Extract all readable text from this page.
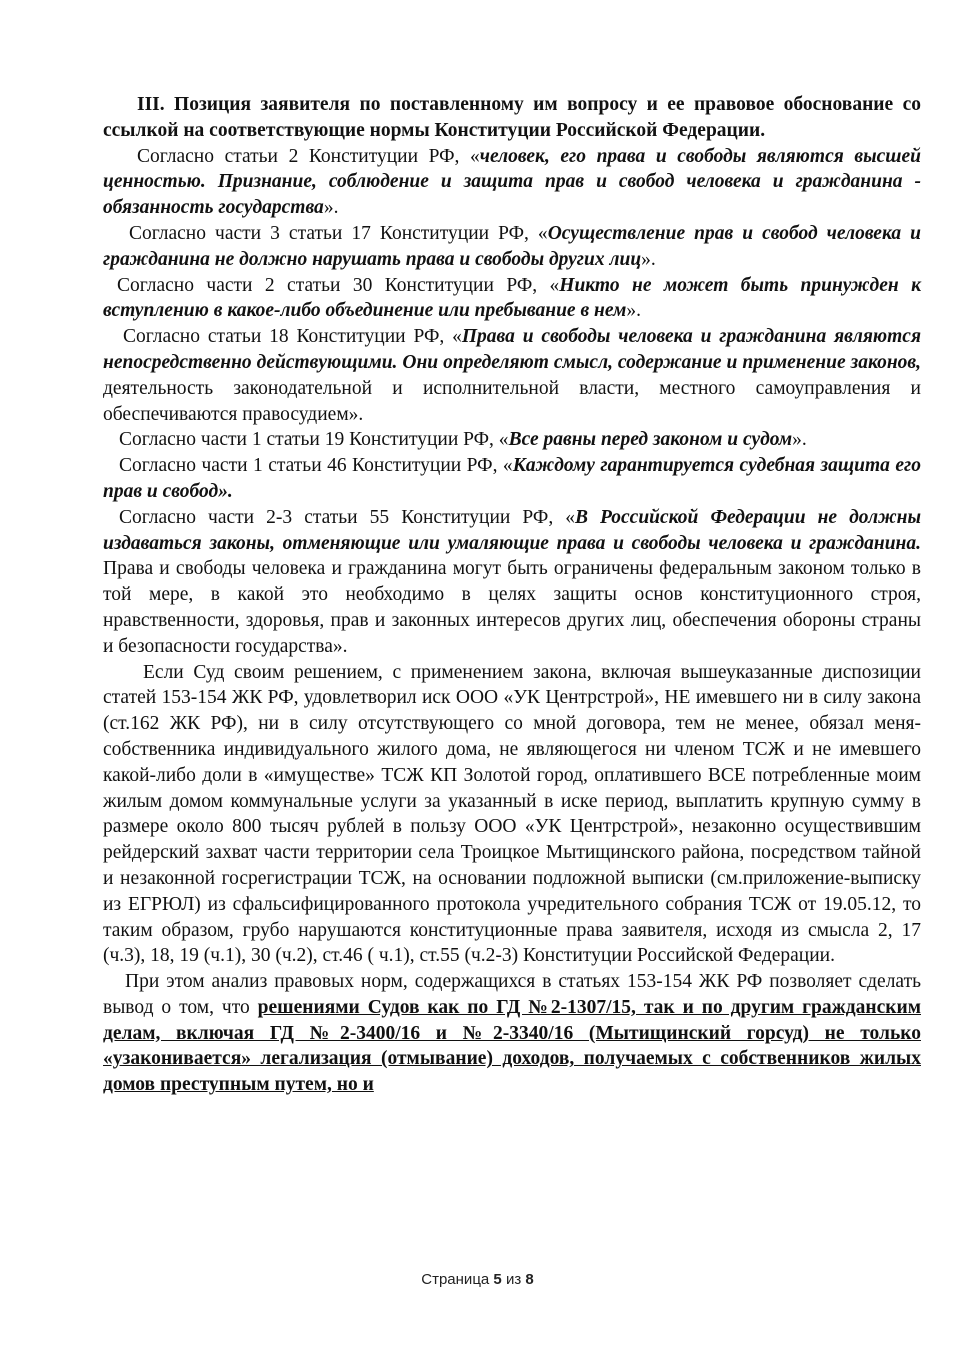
III. Позиция заявителя по поставленному им вопросу и ее правовое обоснование со ссылкой на соответствующие нормы Конституции Российской Федерации.

Согласно статьи 2 Конституции РФ, «человек, его права и свободы являются высшей ценностью. Признание, соблюдение и защита прав и свобод человека и гражданина - обязанность государства».

Согласно части 3 статьи 17 Конституции РФ, «Осуществление прав и свобод человека и гражданина не должно нарушать права и свободы других лиц».

Согласно части 2 статьи 30 Конституции РФ, «Никто не может быть принужден к вступлению в какое-либо объединение или пребывание в нем».

Согласно статьи 18 Конституции РФ, «Права и свободы человека и гражданина являются непосредственно действующими. Они определяют смысл, содержание и применение законов, деятельность законодательной и исполнительной власти, местного самоуправления и обеспечиваются правосудием».

Согласно части 1 статьи 19 Конституции РФ, «Все равны перед законом и судом».

Согласно части 1 статьи 46 Конституции РФ, «Каждому гарантируется судебная защита его прав и свобод».

Согласно части 2-3 статьи 55 Конституции РФ, «В Российской Федерации не должны издаваться законы, отменяющие или умаляющие права и свободы человека и гражданина. Права и свободы человека и гражданина могут быть ограничены федеральным законом только в той мере, в какой это необходимо в целях защиты основ конституционного строя, нравственности, здоровья, прав и законных интересов других лиц, обеспечения обороны страны и безопасности государства».

Если Суд своим решением, с применением закона, включая вышеуказанные диспозиции статей 153-154 ЖК РФ, удовлетворил иск ООО «УК Центрстрой», НЕ имевшего ни в силу закона (ст.162 ЖК РФ), ни в силу отсутствующего со мной договора, тем не менее, обязал меня- собственника индивидуального жилого дома, не являющегося ни членом ТСЖ и не имевшего какой-либо доли в «имуществе» ТСЖ КП Золотой город, оплатившего ВСЕ потребленные моим жилым домом коммунальные услуги за указанный в иске период, выплатить крупную сумму в размере около 800 тысяч рублей в пользу ООО «УК Центрстрой», незаконно осуществившим рейдерский захват части территории села Троицкое Мытищинского района, посредством тайной и незаконной госрегистрации ТСЖ, на основании подложной выписки (см.приложение-выписку из ЕГРЮЛ) из сфальсифицированного протокола учредительного собрания ТСЖ от 19.05.12, то таким образом, грубо нарушаются конституционные права заявителя, исходя из смысла 2, 17 (ч.3), 18, 19 (ч.1), 30 (ч.2), ст.46 ( ч.1), ст.55 (ч.2-3) Конституции Российской Федерации.

При этом анализ правовых норм, содержащихся в статьях 153-154 ЖК РФ позволяет сделать вывод о том, что решениями Судов как по ГД №2-1307/15, так и по другим гражданским делам, включая ГД №2-3400/16 и №2-3340/16 (Мытищинский горсуд) не только «узаконивается» легализация (отмывание) доходов, получаемых с собственников жилых домов преступным путем, но и

Страница 5 из 8
